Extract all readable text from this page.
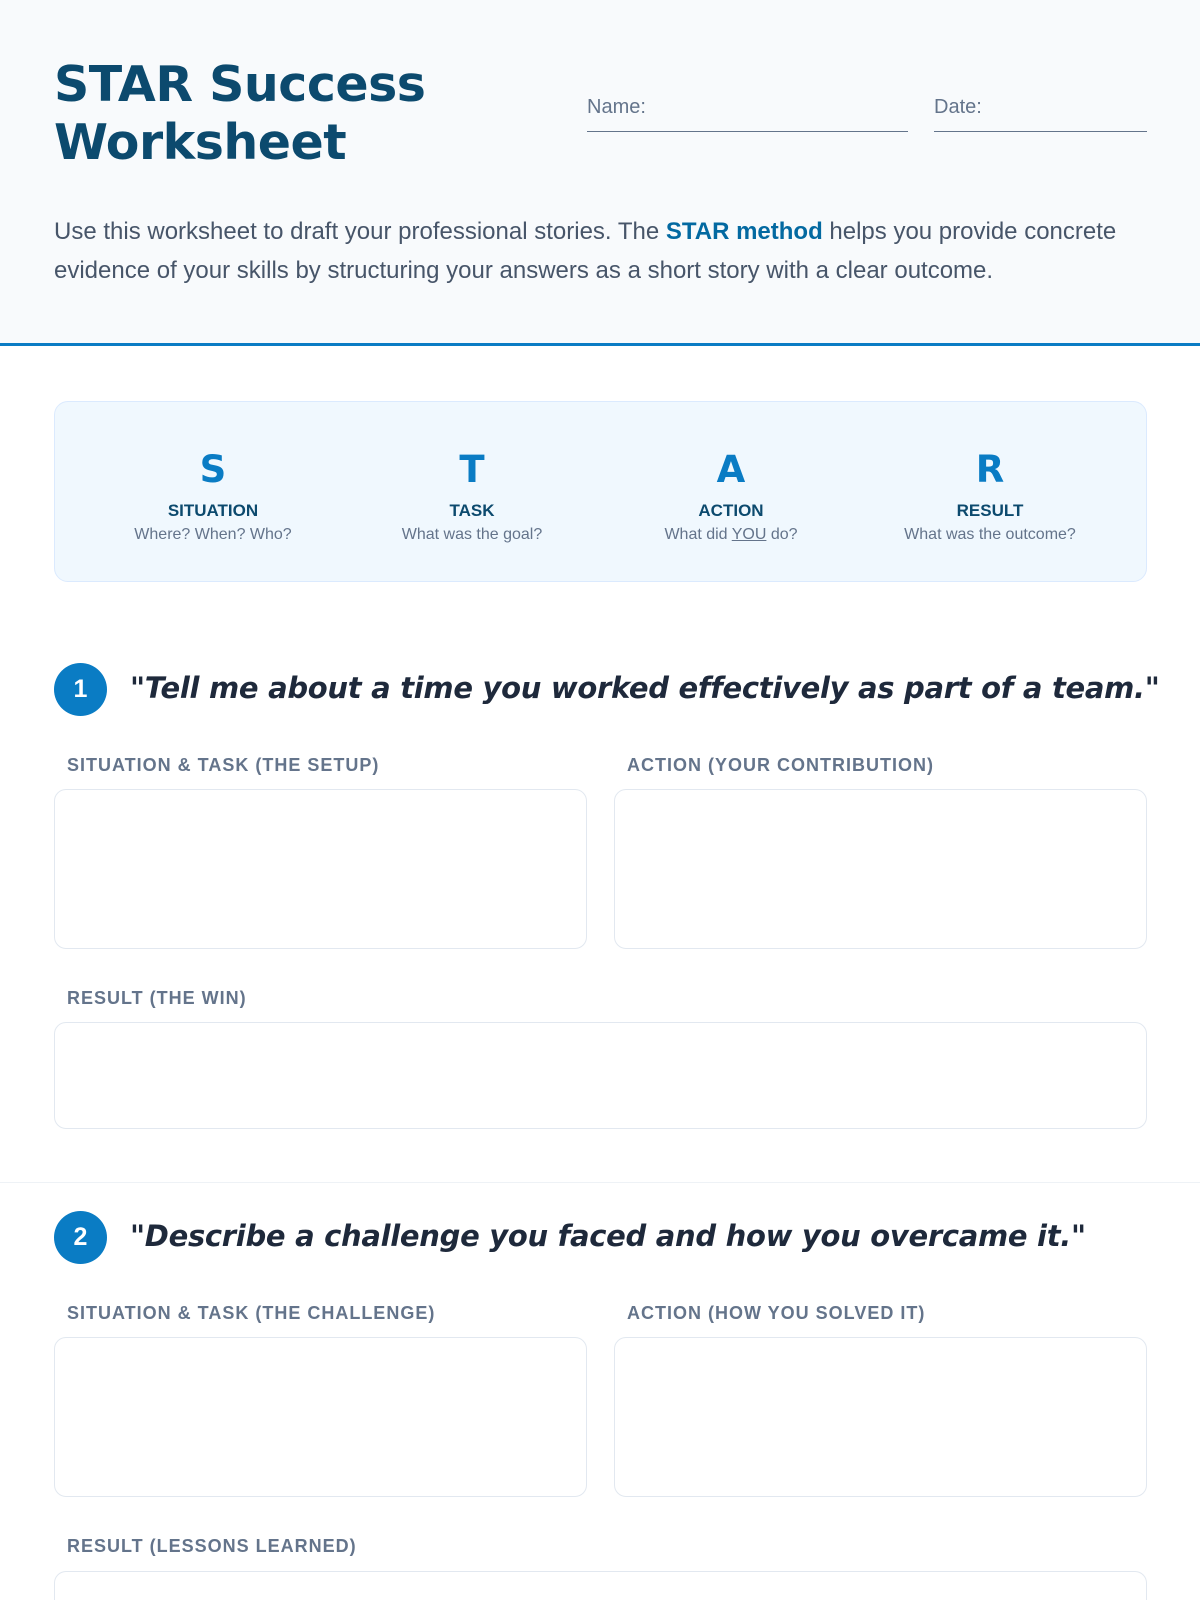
STAR Success Worksheet
Name:	Date:

Use this worksheet to draft your professional stories. The STAR method helps you provide concrete evidence of your skills by structuring your answers as a short story with a clear outcome.

S
SITUATION
Where? When? Who?
T
TASK
What was the goal?
A
ACTION
What did YOU do?
R
RESULT
What was the outcome?
1	"Tell me about a time you worked effectively as part of a team."
SITUATION & TASK (THE SETUP)	ACTION (YOUR CONTRIBUTION)
RESULT (THE WIN)
2	"Describe a challenge you faced and how you overcame it."
SITUATION & TASK (THE CHALLENGE)	ACTION (HOW YOU SOLVED IT)
RESULT (LESSONS LEARNED)
